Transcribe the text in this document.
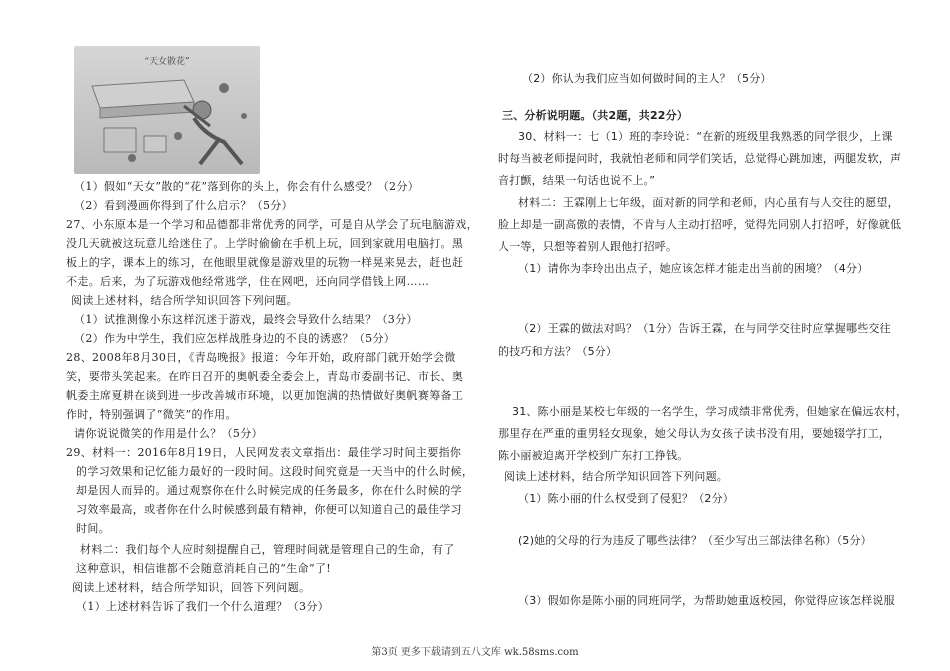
“天女散花”
（1）假如“天女”散的“花”落到你的头上，你会有什么感受？（2分）
（2）看到漫画你得到了什么启示？（5分）
27、小东原本是一个学习和品德都非常优秀的同学，可是自从学会了玩电脑游戏，
没几天就被这玩意儿给迷住了。上学时偷偷在手机上玩，回到家就用电脑打。黑
板上的字，课本上的练习，在他眼里就像是游戏里的玩物一样晃来晃去，赶也赶
不走。后来，为了玩游戏他经常逃学，住在网吧，还向同学借钱上网……
阅读上述材料，结合所学知识回答下列问题。
（1）试推测像小东这样沉迷于游戏，最终会导致什么结果？（3分）
（2）作为中学生，我们应怎样战胜身边的不良的诱惑？（5分）
28、2008年8月30日，《青岛晚报》报道：今年开始，政府部门就开始学会微
笑，要带头笑起来。在昨日召开的奥帆委全委会上，青岛市委副书记、市长、奥
帆委主席夏耕在谈到进一步改善城市环境，以更加饱满的热情做好奥帆赛筹备工
作时，特别强调了“微笑”的作用。
请你说说微笑的作用是什么？（5分）
29、材料一：2016年8月19日，人民网发表文章指出：最佳学习时间主要指你
的学习效果和记忆能力最好的一段时间。这段时间究竟是一天当中的什么时候，
却是因人而异的。通过观察你在什么时候完成的任务最多，你在什么时候的学
习效率最高，或者你在什么时候感到最有精神，你便可以知道自己的最佳学习
时间。
材料二：我们每个人应时刻提醒自己，管理时间就是管理自己的生命，有了
这种意识，相信谁都不会随意消耗自己的“生命”了!
阅读上述材料，结合所学知识，回答下列问题。
（1）上述材料告诉了我们一个什么道理？（3分）
（2）你认为我们应当如何做时间的主人？（5分）
三、分析说明题。（共2题，共22分）
30、材料一：七（1）班的李玲说：“在新的班级里我熟悉的同学很少，上课
时每当被老师提问时，我就怕老师和同学们笑话，总觉得心跳加速，两腿发软，声
音打颤，结果一句话也说不上。”
材料二：王霖刚上七年级，面对新的同学和老师，内心虽有与人交往的愿望，
脸上却是一副高傲的表情，不肯与人主动打招呼，觉得先同别人打招呼，好像就低
人一等，只想等着别人跟他打招呼。
（1）请你为李玲出出点子，她应该怎样才能走出当前的困境？（4分）
（2）王霖的做法对吗？（1分）告诉王霖，在与同学交往时应掌握哪些交往
的技巧和方法？（5分）
31、陈小丽是某校七年级的一名学生，学习成绩非常优秀，但她家在偏远农村，
那里存在严重的重男轻女现象，她父母认为女孩子读书没有用，要她辍学打工，
陈小丽被迫离开学校到广东打工挣钱。
阅读上述材料，结合所学知识回答下列问题。
（1）陈小丽的什么权受到了侵犯？（2分）
(2)她的父母的行为违反了哪些法律？（至少写出三部法律名称）（5分）
（3）假如你是陈小丽的同班同学，为帮助她重返校园，你觉得应该怎样说服
第3页 更多下载请到五八文库 wk.58sms.com
